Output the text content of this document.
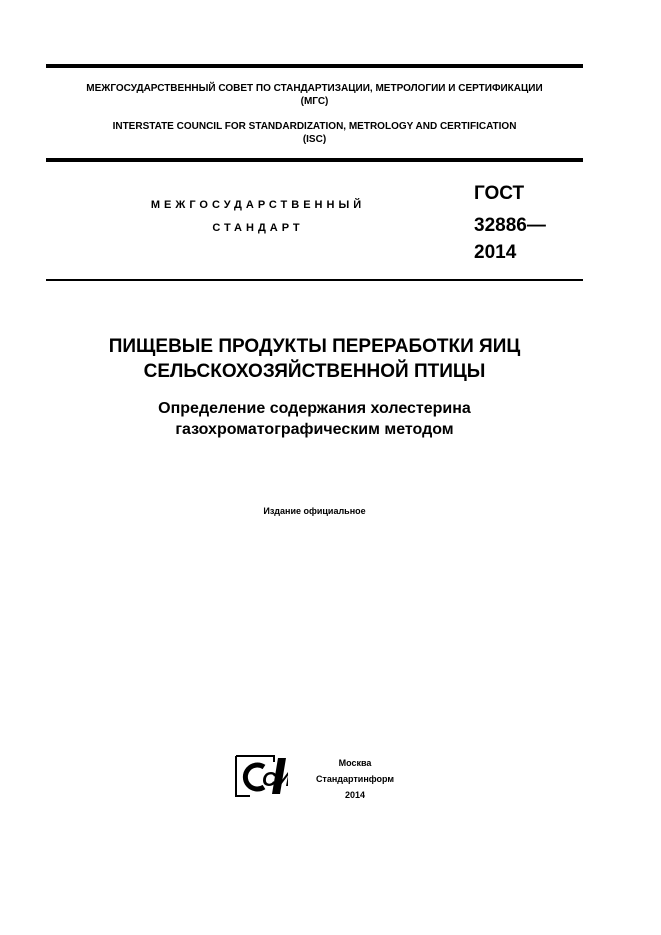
МЕЖГОСУДАРСТВЕННЫЙ СОВЕТ ПО СТАНДАРТИЗАЦИИ, МЕТРОЛОГИИ И СЕРТИФИКАЦИИ
(МГС)
INTERSTATE COUNCIL FOR STANDARDIZATION, METROLOGY AND CERTIFICATION
(ISC)
МЕЖГОСУДАРСТВЕННЫЙ
СТАНДАРТ
ГОСТ
32886—
2014
ПИЩЕВЫЕ ПРОДУКТЫ ПЕРЕРАБОТКИ ЯИЦ
СЕЛЬСКОХОЗЯЙСТВЕННОЙ ПТИЦЫ
Определение содержания холестерина
газохроматографическим методом
Издание официальное
СИ
Москва
Стандартинформ
2014
